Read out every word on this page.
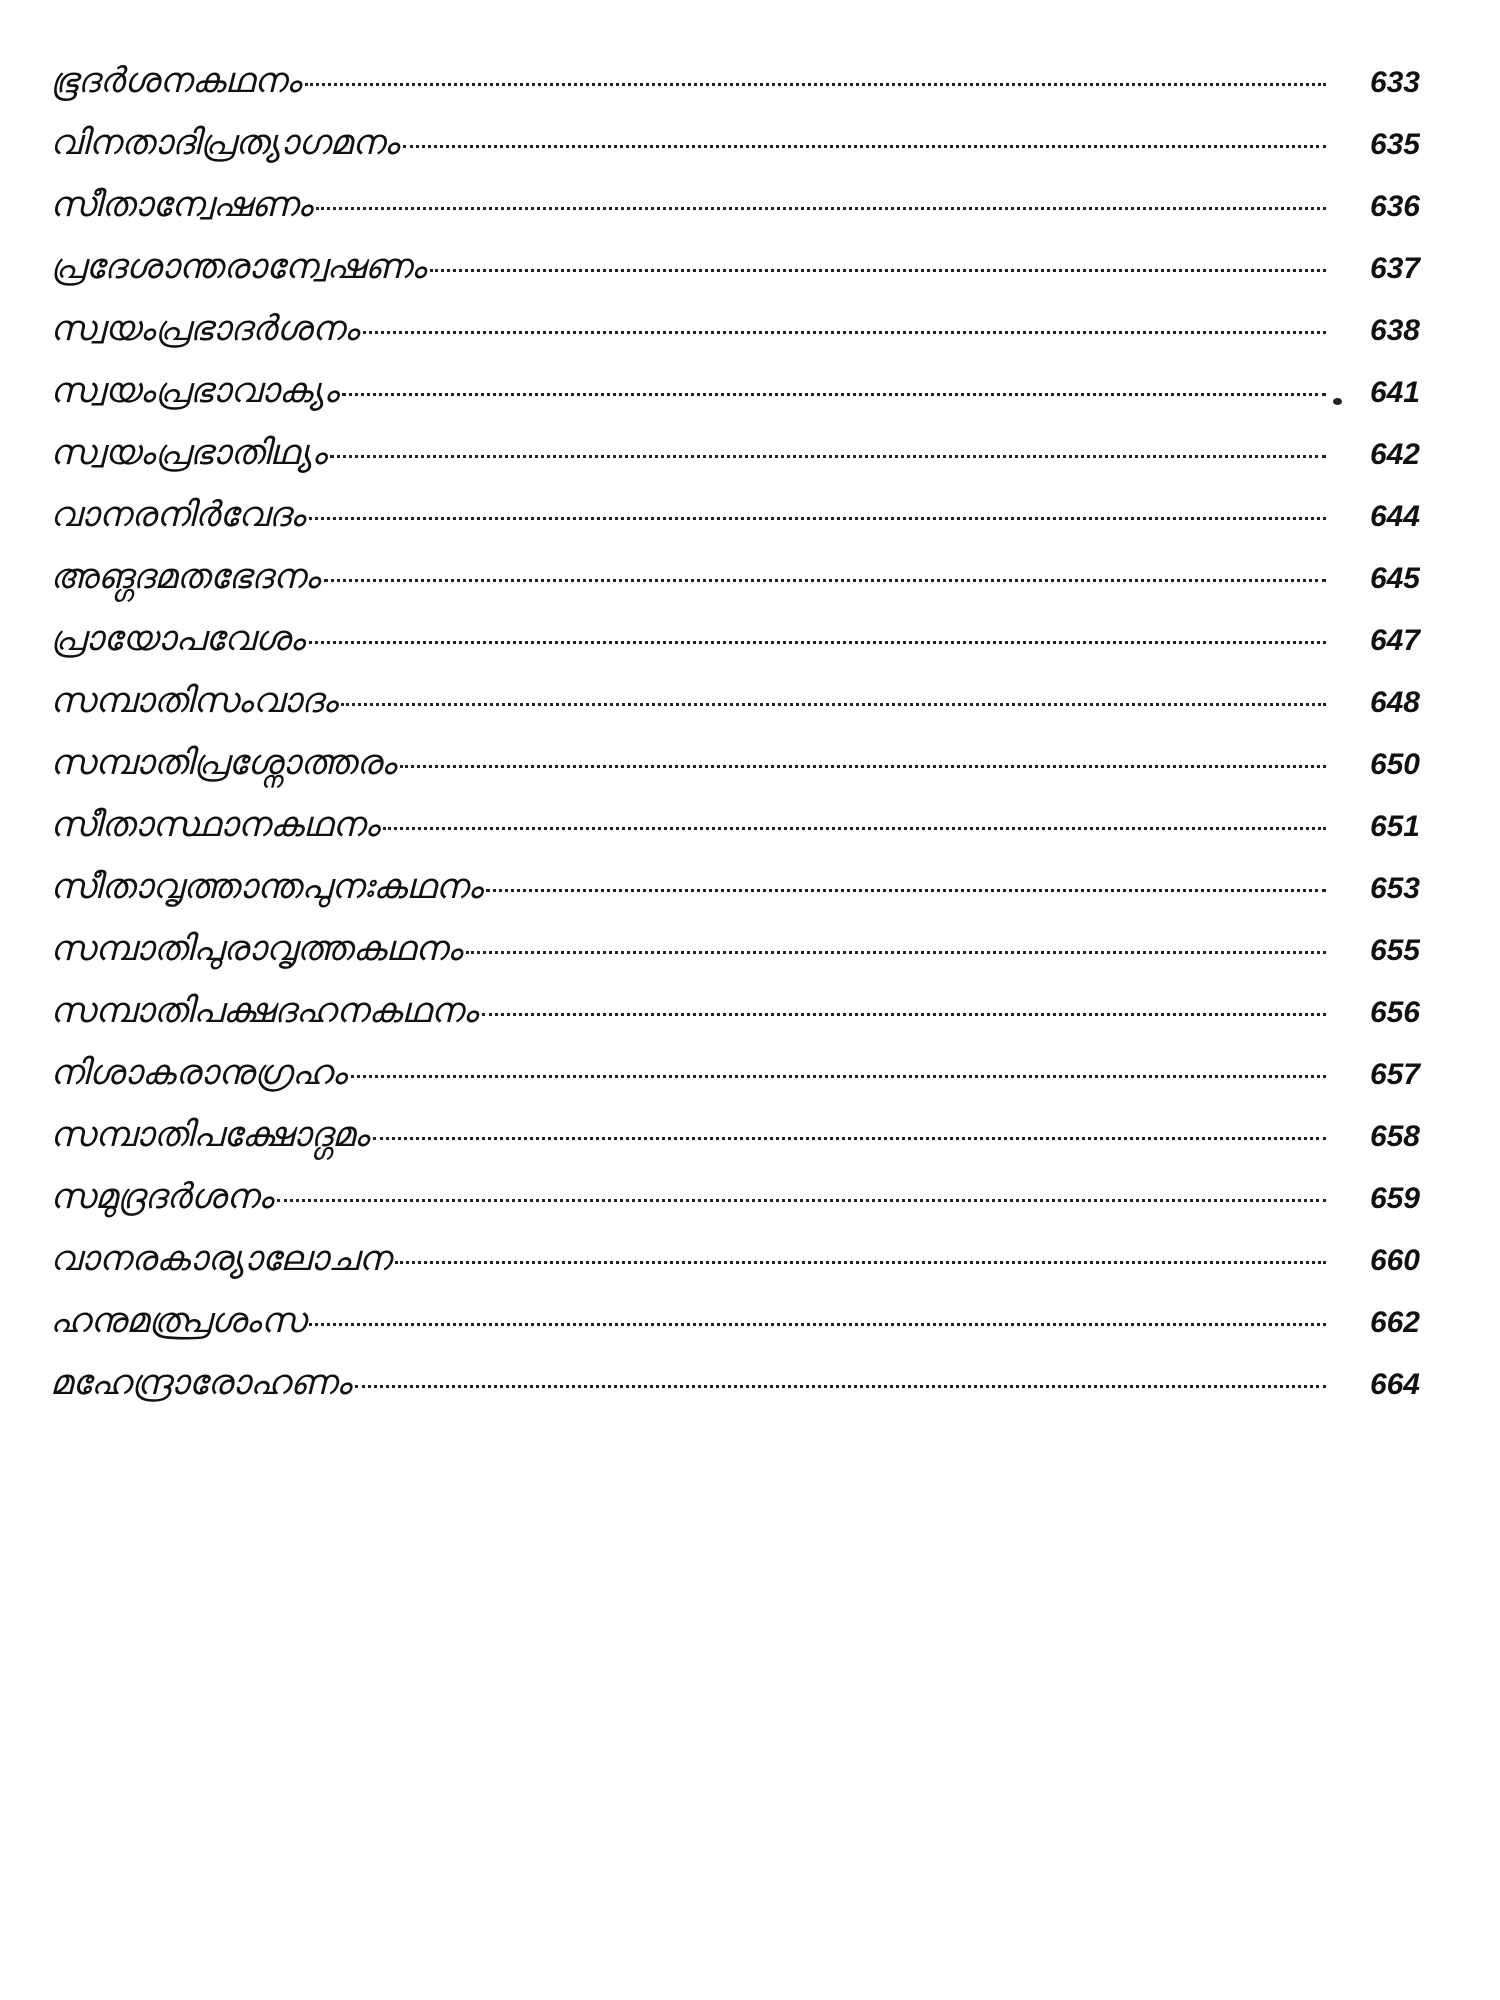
ഭൂദർശനകഥനം	633
വിനതാദിപ്രത്യാഗമനം	635
സീതാന്വേഷണം	636
പ്രദേശാന്തരാന്വേഷണം	637
സ്വയംപ്രഭാദർശനം	638
സ്വയംപ്രഭാവാക്യം	641
സ്വയംപ്രഭാതിഥ്യം	642
വാനരനിർവേദം	644
അങ്ഗദമതഭേദനം	645
പ്രായോപവേശം	647
സമ്പാതിസംവാദം	648
സമ്പാതിപ്രശ്നോത്തരം	650
സീതാസ്ഥാനകഥനം	651
സീതാവൃത്താന്തപുനഃകഥനം	653
സമ്പാതിപുരാവൃത്തകഥനം	655
സമ്പാതിപക്ഷദഹനകഥനം	656
നിശാകരാനുഗ്രഹം	657
സമ്പാതിപക്ഷോദ്ഗമം	658
സമുദ്രദർശനം	659
വാനരകാര്യാലോചന	660
ഹനുമത്പ്രശംസ	662
മഹേന്ദ്രാരോഹണം	664
